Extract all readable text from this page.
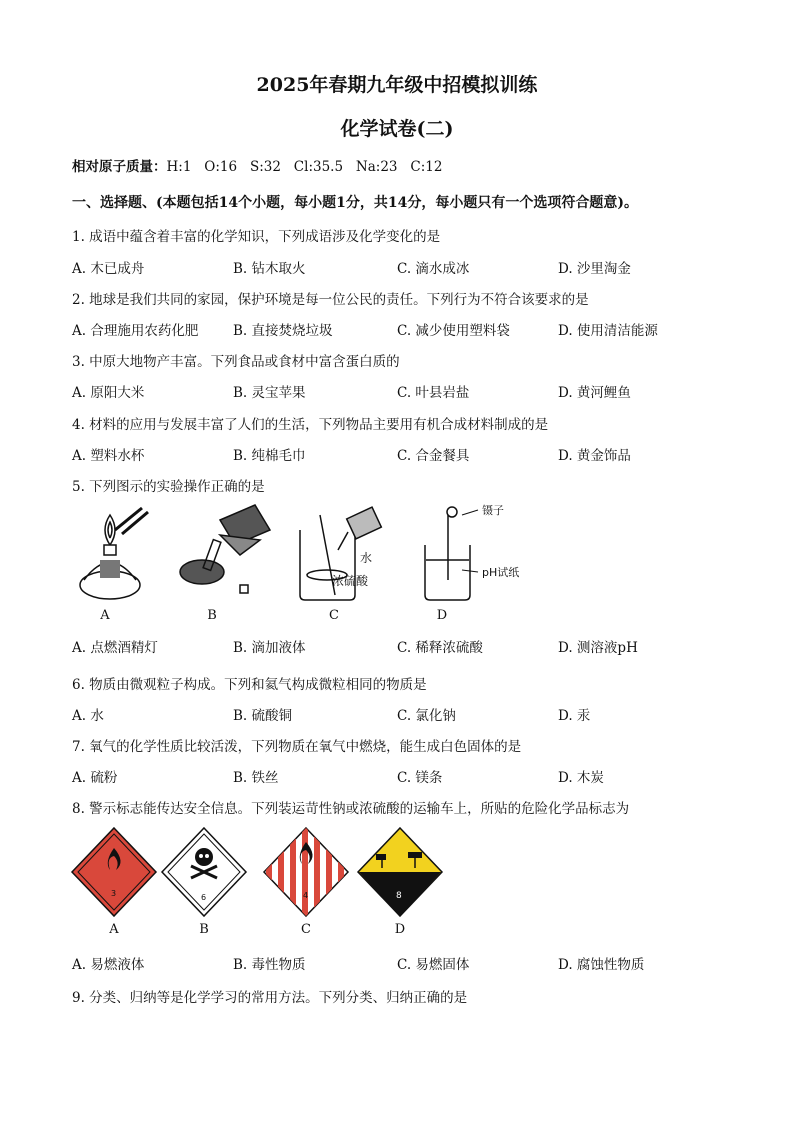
2025年春期九年级中招模拟训练
化学试卷(二)
相对原子质量：H:1   O:16   S:32   Cl:35.5   Na:23   C:12
一、选择题、(本题包括14个小题，每小题1分，共14分，每小题只有一个选项符合题意)。
1. 成语中蕴含着丰富的化学知识，下列成语涉及化学变化的是
A. 木已成舟	B. 钻木取火	C. 滴水成冰	D. 沙里淘金
2. 地球是我们共同的家园，保护环境是每一位公民的责任。下列行为不符合该要求的是
A. 合理施用农药化肥	B. 直接焚烧垃圾	C. 减少使用塑料袋	D. 使用清洁能源
3. 中原大地物产丰富。下列食品或食材中富含蛋白质的
A. 原阳大米	B. 灵宝苹果	C. 叶县岩盐	D. 黄河鲤鱼
4. 材料的应用与发展丰富了人们的生活，下列物品主要用有机合成材料制成的是
A. 塑料水杯	B. 纯棉毛巾	C. 合金餐具	D. 黄金饰品
5. 下列图示的实验操作正确的是
水
浓硫酸
镊子
pH试纸
A	B	C	D
A. 点燃酒精灯	B. 滴加液体	C. 稀释浓硫酸	D. 测溶液pH
6. 物质由微观粒子构成。下列和氦气构成微粒相同的物质是
A. 水	B. 硫酸铜	C. 氯化钠	D. 汞
7. 氧气的化学性质比较活泼，下列物质在氧气中燃烧，能生成白色固体的是
A. 硫粉	B. 铁丝	C. 镁条	D. 木炭
8. 警示标志能传达安全信息。下列装运苛性钠或浓硫酸的运输车上，所贴的危险化学品标志为
3	6	4	8
A	B	C	D
A. 易燃液体	B. 毒性物质	C. 易燃固体	D. 腐蚀性物质
9. 分类、归纳等是化学学习的常用方法。下列分类、归纳正确的是
